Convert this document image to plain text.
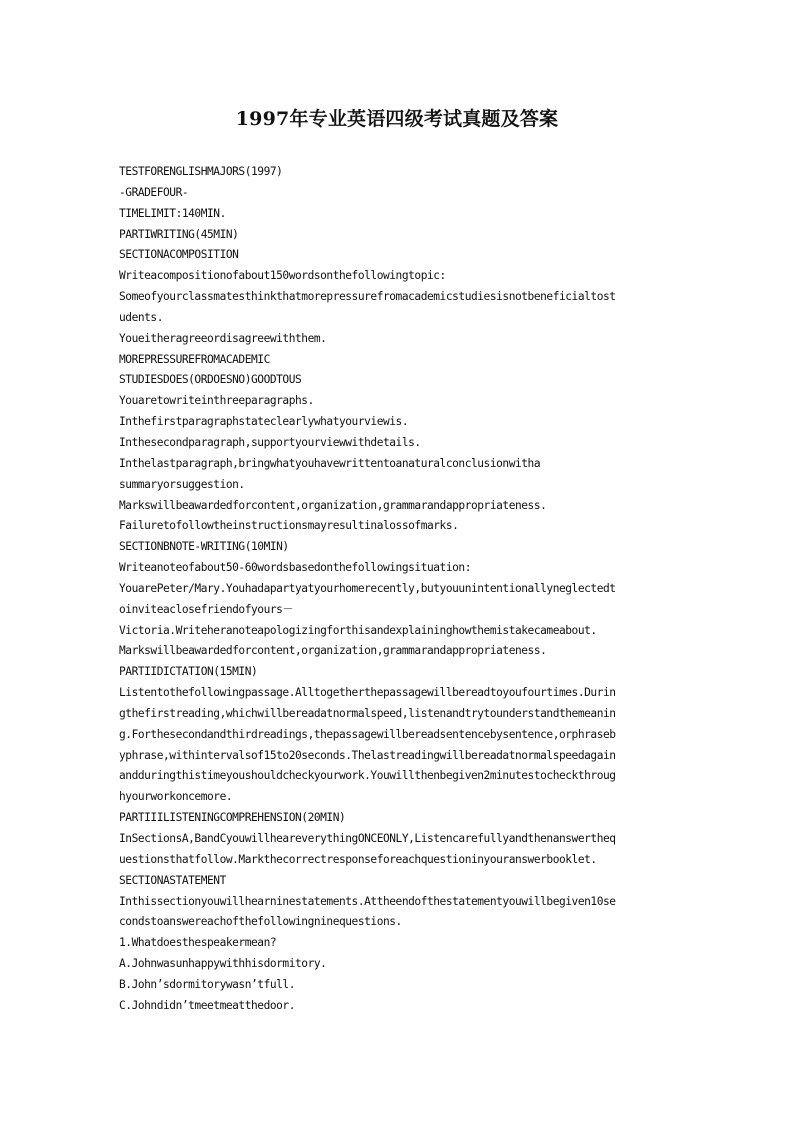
1997年专业英语四级考试真题及答案
TESTFORENGLISHMAJORS(1997)
-GRADEFOUR-
TIMELIMIT:140MIN.
PARTIWRITING(45MIN)
SECTIONACOMPOSITION
Writeacompositionofabout150wordsonthefollowingtopic:
Someofyourclassmatesthinkthatmorepressurefromacademicstudiesisnotbeneficialtost
udents.
Youeitheragreeordisagreewiththem.
MOREPRESSUREFROMACADEMIC
STUDIESDOES(ORDOESNO)GOODTOUS
Youaretowriteinthreeparagraphs.
Inthefirstparagraphstateclearlywhatyourviewis.
Inthesecondparagraph,supportyourviewwithdetails.
Inthelastparagraph,bringwhatyouhavewrittentoanaturalconclusionwitha
summaryorsuggestion.
Markswillbeawardedforcontent,organization,grammarandappropriateness.
Failuretofollowtheinstructionsmayresultinalossofmarks.
SECTIONBNOTE-WRITING(10MIN)
Writeanoteofabout50-60wordsbasedonthefollowingsituation:
YouarePeter/Mary.Youhadapartyatyourhomerecently,butyouunintentionallyneglectedt
oinviteaclosefriendofyours－
Victoria.Writeheranoteapologizingforthisandexplaininghowthemistakecameabout.
Markswillbeawardedforcontent,organization,grammarandappropriateness.
PARTIIDICTATION(15MIN)
Listentothefollowingpassage.Alltogetherthepassagewillbereadtoyoufourtimes.Durin
gthefirstreading,whichwillbereadatnormalspeed,listenandtrytounderstandthemeanin
g.Forthesecondandthirdreadings,thepassagewillbereadsentencebysentence,orphraseb
yphrase,withintervalsof15to20seconds.Thelastreadingwillbereadatnormalspeedagain
andduringthistimeyoushouldcheckyourwork.Youwillthenbegiven2minutestocheckthroug
hyourworkoncemore.
PARTIIILISTENINGCOMPREHENSION(20MIN)
InSectionsA,BandCyouwillheareverythingONCEONLY,Listencarefullyandthenanswertheq
uestionsthatfollow.Markthecorrectresponseforeachquestioninyouranswerbooklet.
SECTIONASTATEMENT
Inthissectionyouwillhearninestatements.Attheendofthestatementyouwillbegiven10se
condstoanswereachofthefollowingninequestions.
1.Whatdoesthespeakermean?
A.Johnwasunhappywithhisdormitory.
B.John’sdormitorywasn’tfull.
C.Johndidn’tmeetmeatthedoor.
